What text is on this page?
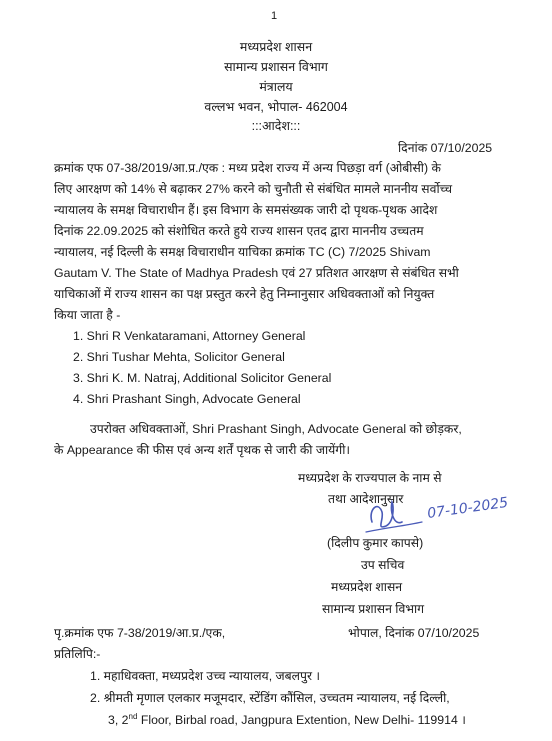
1
मध्यप्रदेश शासन
सामान्य प्रशासन विभाग
मंत्रालय
वल्लभ भवन, भोपाल- 462004
:::आदेश:::
दिनांक 07/10/2025
क्रमांक एफ 07-38/2019/आ.प्र./एक : मध्य प्रदेश राज्य में अन्य पिछड़ा वर्ग (ओबीसी) के
लिए आरक्षण को 14% से बढ़ाकर 27% करने को चुनौती से संबंधित मामले माननीय सर्वोच्च
न्यायालय के समक्ष विचाराधीन हैं। इस विभाग के समसंख्यक जारी दो पृथक-पृथक आदेश
दिनांक 22.09.2025 को संशोधित करते हुये राज्य शासन एतद द्वारा माननीय उच्चतम
न्यायालय, नई दिल्ली के समक्ष विचाराधीन याचिका क्रमांक TC (C) 7/2025 Shivam
Gautam V. The State of Madhya Pradesh एवं 27 प्रतिशत आरक्षण से संबंधित सभी
याचिकाओं में राज्य शासन का पक्ष प्रस्तुत करने हेतु निम्नानुसार अधिवक्ताओं को नियुक्त
किया जाता है -
1. Shri R Venkataramani, Attorney General
2. Shri Tushar Mehta, Solicitor General
3. Shri K. M. Natraj, Additional Solicitor General
4. Shri Prashant Singh, Advocate General
उपरोक्त अधिवक्ताओं, Shri Prashant Singh, Advocate General को छोड़कर,
के Appearance की फीस एवं अन्य शर्तें पृथक से जारी की जायेंगी।
मध्यप्रदेश के राज्यपाल के नाम से
तथा आदेशानुसार 07-10-2025
(दिलीप कुमार कापसे)
उप सचिव
मध्यप्रदेश शासन
सामान्य प्रशासन विभाग
पृ.क्रमांक एफ 7-38/2019/आ.प्र./एक,	भोपाल, दिनांक 07/10/2025
प्रतिलिपि:-
1. महाधिवक्ता, मध्यप्रदेश उच्च न्यायालय, जबलपुर ।
2. श्रीमती मृणाल एलकार मजूमदार, स्टेंडिंग कौंसिल, उच्चतम न्यायालय, नई दिल्ली,
3, 2nd Floor, Birbal road, Jangpura Extention, New Delhi- 119914 ।
